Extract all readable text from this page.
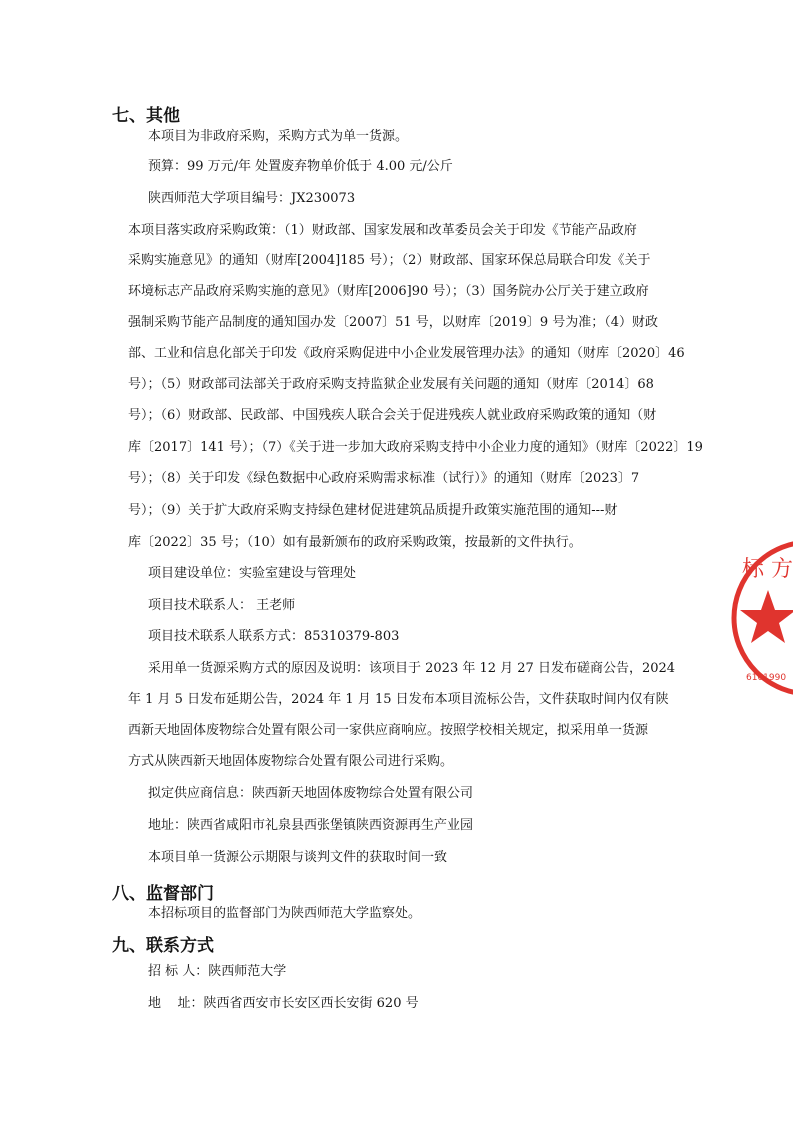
七、其他
本项目为非政府采购，采购方式为单一货源。
预算：99 万元/年 处置废弃物单价低于 4.00 元/公斤
陕西师范大学项目编号：JX230073
本项目落实政府采购政策：（1）财政部、国家发展和改革委员会关于印发《节能产品政府
采购实施意见》的通知（财库[2004]185 号）；（2）财政部、国家环保总局联合印发《关于
环境标志产品政府采购实施的意见》（财库[2006]90 号）；（3）国务院办公厅关于建立政府
强制采购节能产品制度的通知国办发〔2007〕51 号，以财库〔2019〕9 号为准；（4）财政
部、工业和信息化部关于印发《政府采购促进中小企业发展管理办法》的通知（财库〔2020〕46
号）；（5）财政部司法部关于政府采购支持监狱企业发展有关问题的通知（财库〔2014〕68
号）；（6）财政部、民政部、中国残疾人联合会关于促进残疾人就业政府采购政策的通知（财
库〔2017〕141 号）；（7）《关于进一步加大政府采购支持中小企业力度的通知》（财库〔2022〕19
号）；（8）关于印发《绿色数据中心政府采购需求标准（试行）》的通知（财库〔2023〕7
号）；（9）关于扩大政府采购支持绿色建材促进建筑品质提升政策实施范围的通知---财
库〔2022〕35 号；（10）如有最新颁布的政府采购政策，按最新的文件执行。
项目建设单位：实验室建设与管理处
项目技术联系人： 王老师
项目技术联系人联系方式：85310379-803
采用单一货源采购方式的原因及说明：该项目于 2023 年 12 月 27 日发布磋商公告，2024
年 1 月 5 日发布延期公告，2024 年 1 月 15 日发布本项目流标公告，文件获取时间内仅有陕
西新天地固体废物综合处置有限公司一家供应商响应。按照学校相关规定，拟采用单一货源
方式从陕西新天地固体废物综合处置有限公司进行采购。
拟定供应商信息：陕西新天地固体废物综合处置有限公司
地址：陕西省咸阳市礼泉县西张堡镇陕西资源再生产业园
本项目单一货源公示期限与谈判文件的获取时间一致
八、监督部门
本招标项目的监督部门为陕西师范大学监察处。
九、联系方式
招 标 人：陕西师范大学
地    址：陕西省西安市长安区西长安街 620 号
标 方
6101990
